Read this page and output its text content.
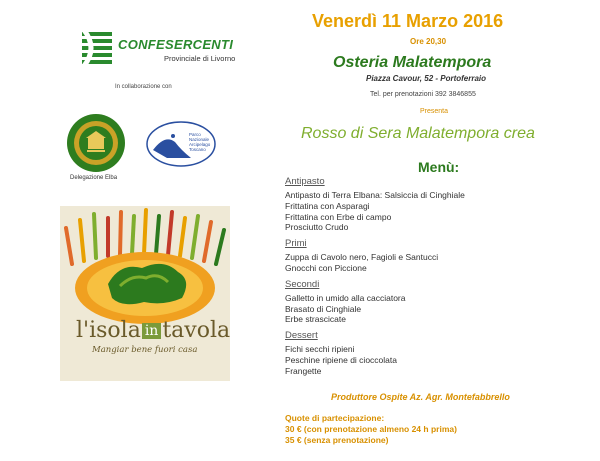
CONFESERCENTI
Provinciale di Livorno
In collaborazione con
Parco
Nazionale
Arcipelago
Toscano
Delegazione Elba
l'isola in tavola
Mangiar bene fuori casa
Venerdì 11 Marzo 2016
Ore 20,30
Osteria Malatempora
Piazza Cavour, 52 - Portoferraio
Tel. per prenotazioni 392 3846855
Presenta
Rosso di Sera Malatempora crea
Menù:
Antipasto
Antipasto di Terra Elbana: Salsiccia di Cinghiale
Frittatina con Asparagi
Frittatina con Erbe di campo
Prosciutto Crudo
Primi
Zuppa di Cavolo nero, Fagioli e Santucci
Gnocchi con Piccione
Secondi
Galletto in umido alla cacciatora
Brasato di Cinghiale
Erbe strascicate
Dessert
Fichi secchi ripieni
Peschine ripiene di cioccolata
Frangette
Produttore Ospite Az. Agr. Montefabbrello
Quote di partecipazione:
30 € (con prenotazione almeno 24 h prima)
35 € (senza prenotazione)
